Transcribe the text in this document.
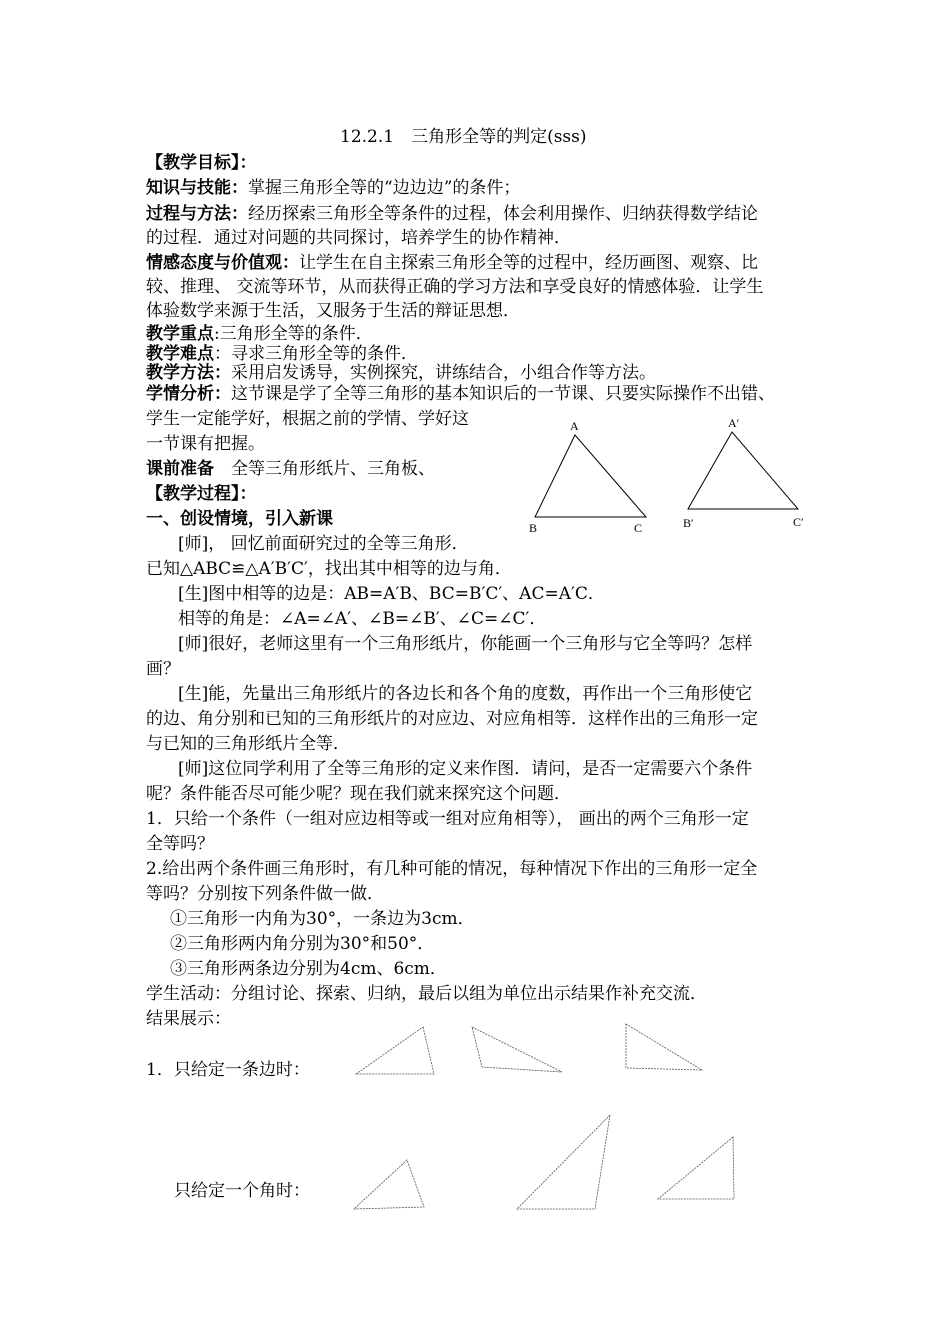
12.2.1　三角形全等的判定(sss)
【教学目标】：
知识与技能：掌握三角形全等的“边边边”的条件；
过程与方法：经历探索三角形全等条件的过程，体会利用操作、归纳获得数学结论
的过程．通过对问题的共同探讨，培养学生的协作精神．
情感态度与价值观：让学生在自主探索三角形全等的过程中，经历画图、观察、比
较、推理、 交流等环节，从而获得正确的学习方法和享受良好的情感体验．让学生
体验数学来源于生活，又服务于生活的辩证思想．
教学重点:三角形全等的条件．
教学难点：寻求三角形全等的条件．
教学方法：采用启发诱导，实例探究，讲练结合，小组合作等方法。
学情分析：这节课是学了全等三角形的基本知识后的一节课、只要实际操作不出错、
学生一定能学好，根据之前的学情、学好这
一节课有把握。
课前准备　全等三角形纸片、三角板、
【教学过程】：
一、创设情境，引入新课
A
B	C
A′
B′	C′
[师]， 回忆前面研究过的全等三角形．
已知△ABC≌△A′B′C′，找出其中相等的边与角．
[生]图中相等的边是：AB=A′B、BC=B′C′、AC=A′C．
相等的角是：∠A=∠A′、∠B=∠B′、∠C=∠C′．
[师]很好，老师这里有一个三角形纸片，你能画一个三角形与它全等吗？怎样
画？
[生]能，先量出三角形纸片的各边长和各个角的度数，再作出一个三角形使它
的边、角分别和已知的三角形纸片的对应边、对应角相等．这样作出的三角形一定
与已知的三角形纸片全等．
[师]这位同学利用了全等三角形的定义来作图．请问，是否一定需要六个条件
呢？条件能否尽可能少呢？现在我们就来探究这个问题．
1．只给一个条件（一组对应边相等或一组对应角相等）， 画出的两个三角形一定
全等吗？
2.给出两个条件画三角形时，有几种可能的情况，每种情况下作出的三角形一定全
等吗？分别按下列条件做一做．
①三角形一内角为30°，一条边为3cm．
②三角形两内角分别为30°和50°．
③三角形两条边分别为4cm、6cm．
学生活动：分组讨论、探索、归纳，最后以组为单位出示结果作补充交流．
结果展示：
1．只给定一条边时：
只给定一个角时：
